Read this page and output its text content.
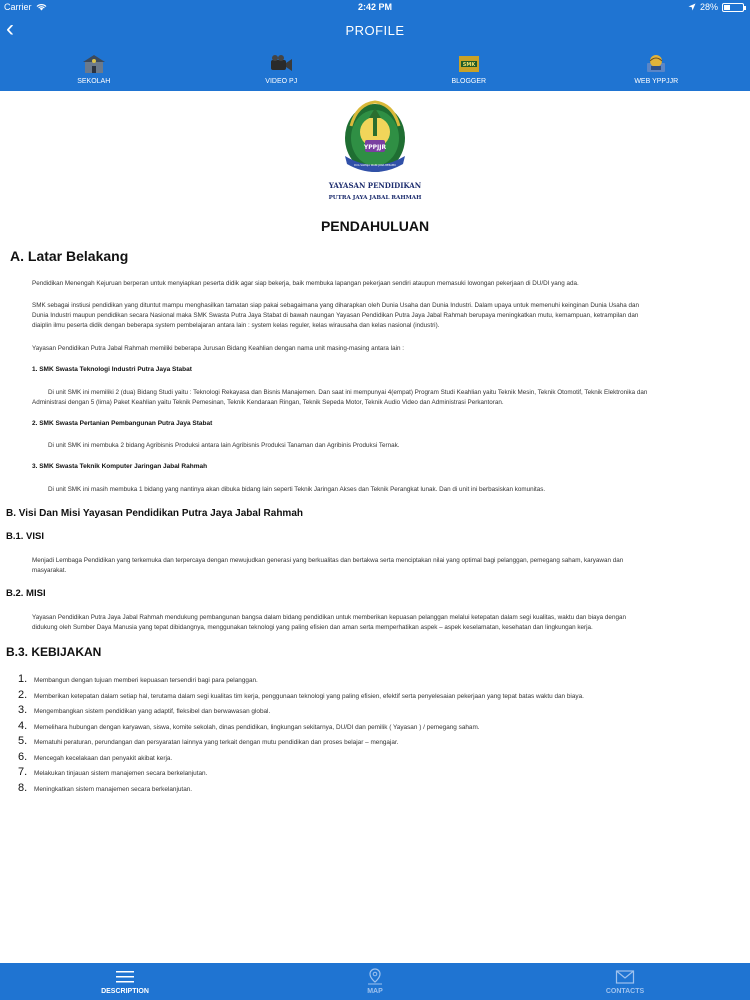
Carrier	2:42 PM	28%
‹	PROFILE
SEKOLAH	VIDEO PJ
SMK
BLOGGER	WEB YPPJJR
YPPJJR
DUA SAMAJA WANI JAWA BERAMU
YAYASAN PENDIDIKAN
PUTRA JAYA JABAL RAHMAH
PENDAHULUAN
A. Latar Belakang
Pendidikan Menengah Kejuruan berperan untuk menyiapkan peserta didik agar siap bekerja, baik membuka lapangan pekerjaan sendiri ataupun memasuki lowongan pekerjaan di DU/DI yang ada.
SMK sebagai instiusi pendidikan yang dituntut mampu menghasilkan tamatan siap pakai sebagaimana yang diharapkan oleh Dunia Usaha dan Dunia Industri. Dalam upaya untuk memenuhi keinginan Dunia Usaha dan
Dunia Industri maupun pendidikan secara Nasional maka SMK Swasta Putra Jaya Stabat di bawah naungan Yayasan Pendidikan Putra Jaya Jabal Rahmah berupaya meningkatkan mutu, kemampuan, ketrampilan dan
diaiplin ilmu peserta didik dengan beberapa system pembelajaran antara lain : system kelas reguler, kelas wirausaha dan kelas nasional (industri).
Yayasan Pendidikan Putra Jabal Rahmah memiliki beberapa Jurusan Bidang Keahlian dengan nama unit masing-masing antara lain :
1. SMK Swasta Teknologi Industri Putra Jaya Stabat
Di unit SMK ini memiliki 2 (dua) Bidang Studi yaitu : Teknologi Rekayasa dan Bisnis Manajemen. Dan saat ini mempunyai 4(empat) Program Studi Keahlian yaitu Teknik Mesin, Teknik Otomotif, Teknik Elektronika dan
Administrasi dengan 5 (lima) Paket Keahlian yaitu Teknik Pemesinan, Teknik Kendaraan Ringan, Teknik Sepeda Motor, Teknik Audio Video dan Administrasi Perkantoran.
2. SMK Swasta Pertanian Pembangunan Putra Jaya Stabat
Di unit SMK ini membuka 2 bidang Agribisnis Produksi antara lain Agribisnis Produksi Tanaman dan Agribinis Produksi Ternak.
3. SMK Swasta Teknik Komputer Jaringan Jabal Rahmah
Di unit SMK ini masih membuka 1 bidang yang nantinya akan dibuka bidang lain seperti Teknik Jaringan Akses dan Teknik Perangkat lunak. Dan di unit ini berbasiskan komunitas.
B. Visi Dan Misi Yayasan Pendidikan Putra Jaya Jabal Rahmah
B.1. VISI
Menjadi Lembaga Pendidikan yang terkemuka dan terpercaya dengan mewujudkan generasi yang berkualitas dan bertakwa serta menciptakan nilai yang optimal bagi pelanggan, pemegang saham, karyawan dan
masyarakat.
B.2. MISI
Yayasan Pendidikan Putra Jaya Jabal Rahmah mendukung pembangunan bangsa dalam bidang pendidikan untuk memberikan kepuasan pelanggan melalui ketepatan dalam segi kualitas, waktu dan biaya dengan
didukung oleh Sumber Daya Manusia yang tepat dibidangnya, menggunakan teknologi yang paling efisien dan aman serta memperhatikan aspek – aspek keselamatan, kesehatan dan lingkungan kerja.
B.3. KEBIJAKAN
1.	Membangun dengan tujuan memberi kepuasan tersendiri bagi para pelanggan.
2.	Memberikan ketepatan dalam setiap hal, terutama dalam segi kualitas tim kerja, penggunaan teknologi yang paling efisien, efektif serta penyelesaian pekerjaan yang tepat batas waktu dan biaya.
3.	Mengembangkan sistem pendidikan yang adaptif, fleksibel dan berwawasan global.
4.	Memelihara hubungan dengan karyawan, siswa, komite sekolah, dinas pendidikan, lingkungan sekitarnya, DU/DI dan pemilik ( Yayasan ) / pemegang saham.
5.	Mematuhi peraturan, perundangan dan persyaratan lainnya yang terkait dengan mutu pendidikan dan proses belajar – mengajar.
6.	Mencegah kecelakaan dan penyakit akibat kerja.
7.	Melakukan tinjauan sistem manajemen secara berkelanjutan.
8.	Meningkatkan sistem manajemen secara berkelanjutan.
DESCRIPTION	MAP	CONTACTS
